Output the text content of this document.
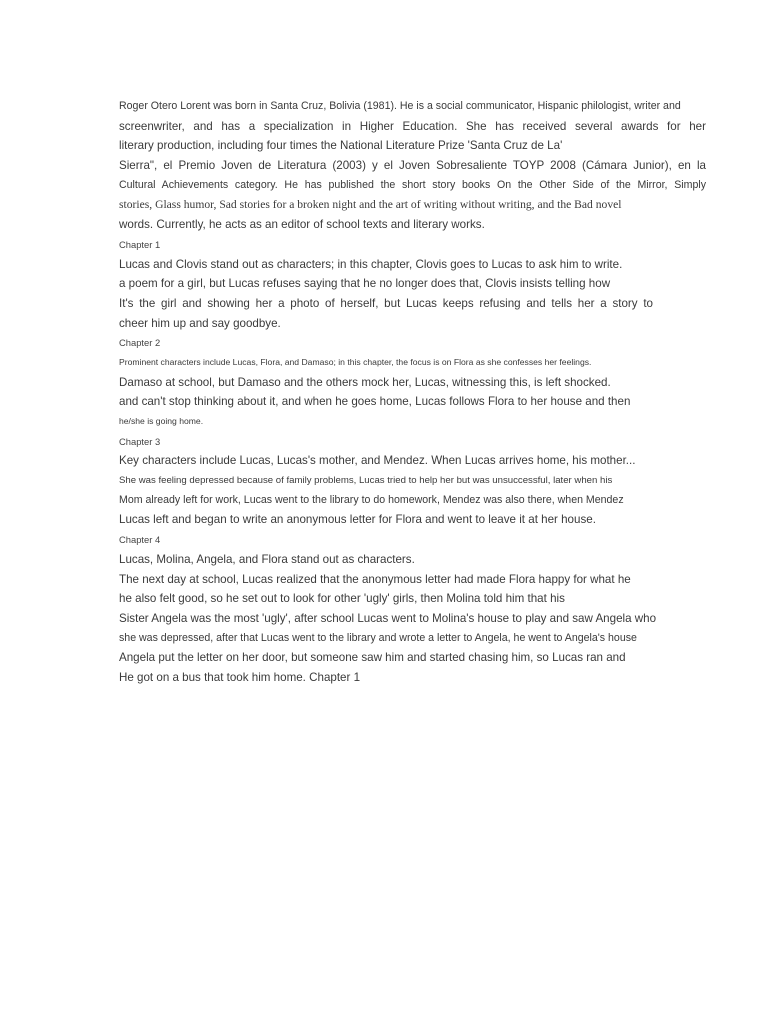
Roger Otero Lorent was born in Santa Cruz, Bolivia (1981). He is a social communicator, Hispanic philologist, writer and
screenwriter, and has a specialization in Higher Education. She has received several awards for her
literary production, including four times the National Literature Prize 'Santa Cruz de La'
Sierra", el Premio Joven de Literatura (2003) y el Joven Sobresaliente TOYP 2008 (Cámara Junior), en la
Cultural Achievements category. He has published the short story books On the Other Side of the Mirror, Simply
stories, Glass humor, Sad stories for a broken night and the art of writing without writing, and the Bad novel
words. Currently, he acts as an editor of school texts and literary works.
Chapter 1
Lucas and Clovis stand out as characters; in this chapter, Clovis goes to Lucas to ask him to write.
a poem for a girl, but Lucas refuses saying that he no longer does that, Clovis insists telling how
It's the girl and showing her a photo of herself, but Lucas keeps refusing and tells her a story to
cheer him up and say goodbye.
Chapter 2
Prominent characters include Lucas, Flora, and Damaso; in this chapter, the focus is on Flora as she confesses her feelings.
Damaso at school, but Damaso and the others mock her, Lucas, witnessing this, is left shocked.
and can't stop thinking about it, and when he goes home, Lucas follows Flora to her house and then
he/she is going home.
Chapter 3
Key characters include Lucas, Lucas's mother, and Mendez. When Lucas arrives home, his mother...
She was feeling depressed because of family problems, Lucas tried to help her but was unsuccessful, later when his
Mom already left for work, Lucas went to the library to do homework, Mendez was also there, when Mendez
Lucas left and began to write an anonymous letter for Flora and went to leave it at her house.
Chapter 4
Lucas, Molina, Angela, and Flora stand out as characters.
The next day at school, Lucas realized that the anonymous letter had made Flora happy for what he
he also felt good, so he set out to look for other 'ugly' girls, then Molina told him that his
Sister Angela was the most 'ugly', after school Lucas went to Molina's house to play and saw Angela who
she was depressed, after that Lucas went to the library and wrote a letter to Angela, he went to Angela's house
Angela put the letter on her door, but someone saw him and started chasing him, so Lucas ran and
He got on a bus that took him home. Chapter 1
